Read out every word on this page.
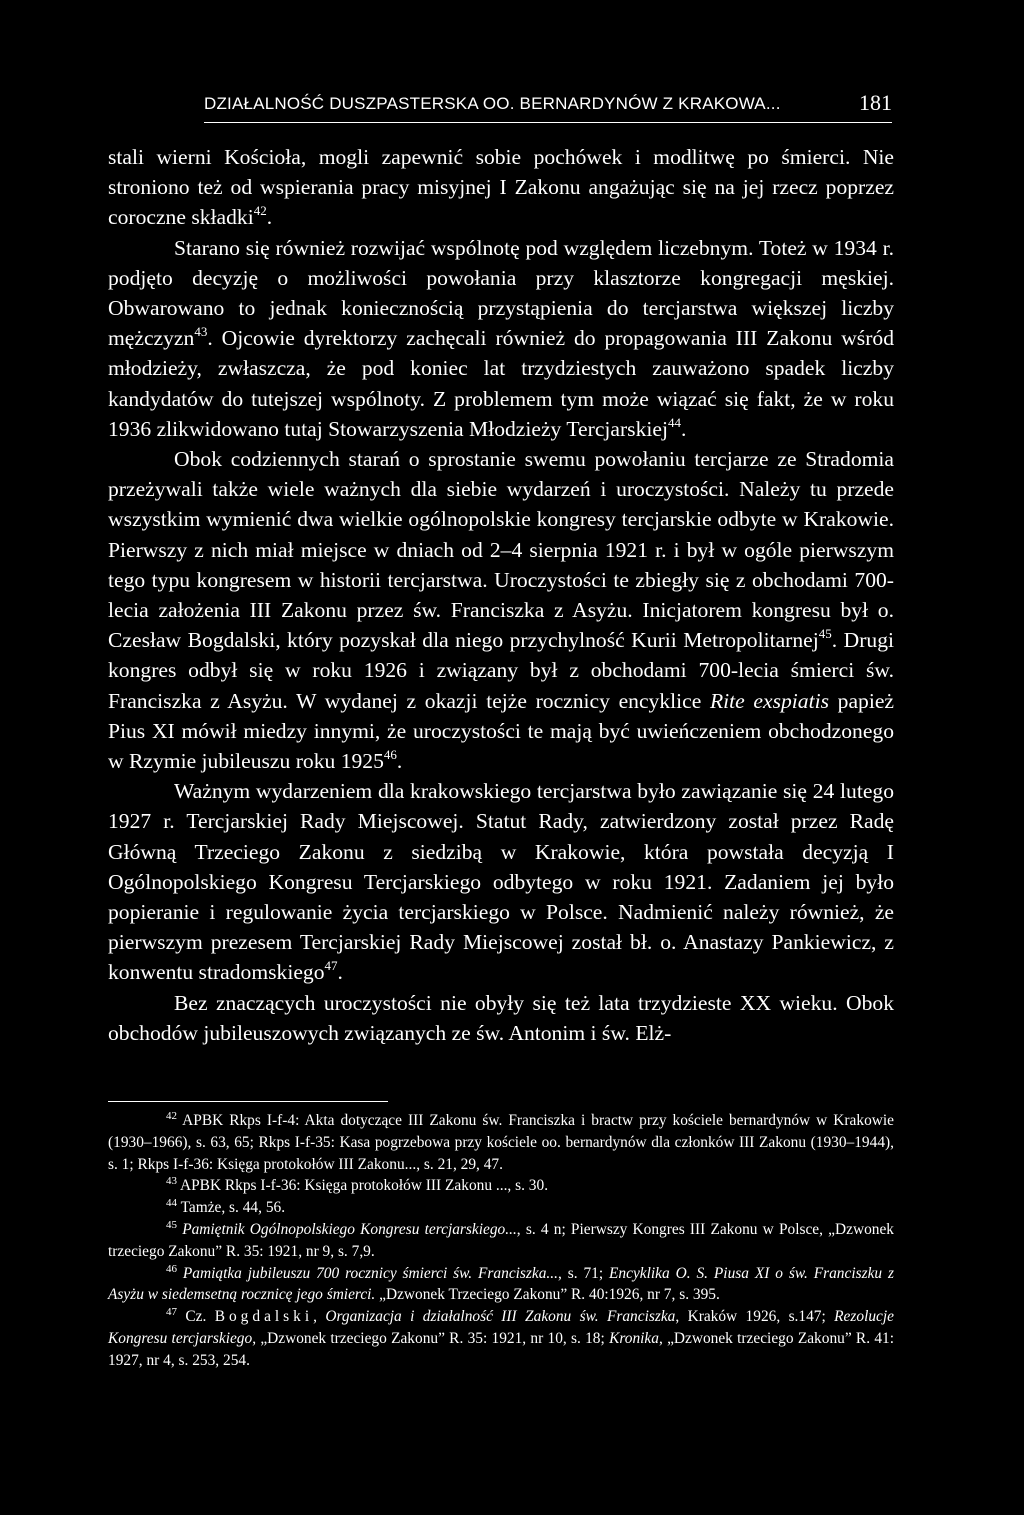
DZIAŁALNOŚĆ DUSZPASTERSKA OO. BERNARDYNÓW Z KRAKOWA...	181

stali wierni Kościoła, mogli zapewnić sobie pochówek i modlitwę po śmierci. Nie stroniono też od wspierania pracy misyjnej I Zakonu angażując się na jej rzecz poprzez coroczne składki$^{42}$.

Starano się również rozwijać wspólnotę pod względem liczebnym. Toteż w 1934 r. podjęto decyzję o możliwości powołania przy klasztorze kongregacji męskiej. Obwarowano to jednak koniecznością przystąpienia do tercjarstwa większej liczby mężczyzn$^{43}$. Ojcowie dyrektorzy zachęcali również do propagowania III Zakonu wśród młodzieży, zwłaszcza, że pod koniec lat trzydziestych zauważono spadek liczby kandydatów do tutejszej wspólnoty. Z problemem tym może wiązać się fakt, że w roku 1936 zlikwidowano tutaj Stowarzyszenia Młodzieży Tercjarskiej$^{44}$.

Obok codziennych starań o sprostanie swemu powołaniu tercjarze ze Stradomia przeżywali także wiele ważnych dla siebie wydarzeń i uroczystości. Należy tu przede wszystkim wymienić dwa wielkie ogólnopolskie kongresy tercjarskie odbyte w Krakowie. Pierwszy z nich miał miejsce w dniach od 2–4 sierpnia 1921 r. i był w ogóle pierwszym tego typu kongresem w historii tercjarstwa. Uroczystości te zbiegły się z obchodami 700-lecia założenia III Zakonu przez św. Franciszka z Asyżu. Inicjatorem kongresu był o. Czesław Bogdalski, który pozyskał dla niego przychylność Kurii Metropolitarnej$^{45}$. Drugi kongres odbył się w roku 1926 i związany był z obchodami 700-lecia śmierci św. Franciszka z Asyżu. W wydanej z okazji tejże rocznicy encyklice Rite exspiatis papież Pius XI mówił miedzy innymi, że uroczystości te mają być uwieńczeniem obchodzonego w Rzymie jubileuszu roku 1925$^{46}$.

Ważnym wydarzeniem dla krakowskiego tercjarstwa było zawiązanie się 24 lutego 1927 r. Tercjarskiej Rady Miejscowej. Statut Rady, zatwierdzony został przez Radę Główną Trzeciego Zakonu z siedzibą w Krakowie, która powstała decyzją I Ogólnopolskiego Kongresu Tercjarskiego odbytego w roku 1921. Zadaniem jej było popieranie i regulowanie życia tercjarskiego w Polsce. Nadmienić należy również, że pierwszym prezesem Tercjarskiej Rady Miejscowej został bł. o. Anastazy Pankiewicz, z konwentu stradomskiego$^{47}$.

Bez znaczących uroczystości nie obyły się też lata trzydzieste XX wieku. Obok obchodów jubileuszowych związanych ze św. Antonim i św. Elż-

$^{42}$ APBK Rkps I-f-4: Akta dotyczące III Zakonu św. Franciszka i bractw przy kościele bernardynów w Krakowie (1930–1966), s. 63, 65; Rkps I-f-35: Kasa pogrzebowa przy kościele oo. bernardynów dla członków III Zakonu (1930–1944), s. 1; Rkps I-f-36: Księga protokołów III Zakonu..., s. 21, 29, 47.

$^{43}$ APBK Rkps I-f-36: Księga protokołów III Zakonu ..., s. 30.

$^{44}$ Tamże, s. 44, 56.

$^{45}$ Pamiętnik Ogólnopolskiego Kongresu tercjarskiego..., s. 4 n; Pierwszy Kongres III Zakonu w Polsce, „Dzwonek trzeciego Zakonu” R. 35: 1921, nr 9, s. 7,9.

$^{46}$ Pamiątka jubileuszu 700 rocznicy śmierci św. Franciszka..., s. 71; Encyklika O. S. Piusa XI o św. Franciszku z Asyżu w siedemsetną rocznicę jego śmierci. „Dzwonek Trzeciego Zakonu” R. 40:1926, nr 7, s. 395.

$^{47}$ Cz. Bogdalski, Organizacja i działalność III Zakonu św. Franciszka, Kraków 1926, s.147; Rezolucje Kongresu tercjarskiego, „Dzwonek trzeciego Zakonu” R. 35: 1921, nr 10, s. 18; Kronika, „Dzwonek trzeciego Zakonu” R. 41: 1927, nr 4, s. 253, 254.
